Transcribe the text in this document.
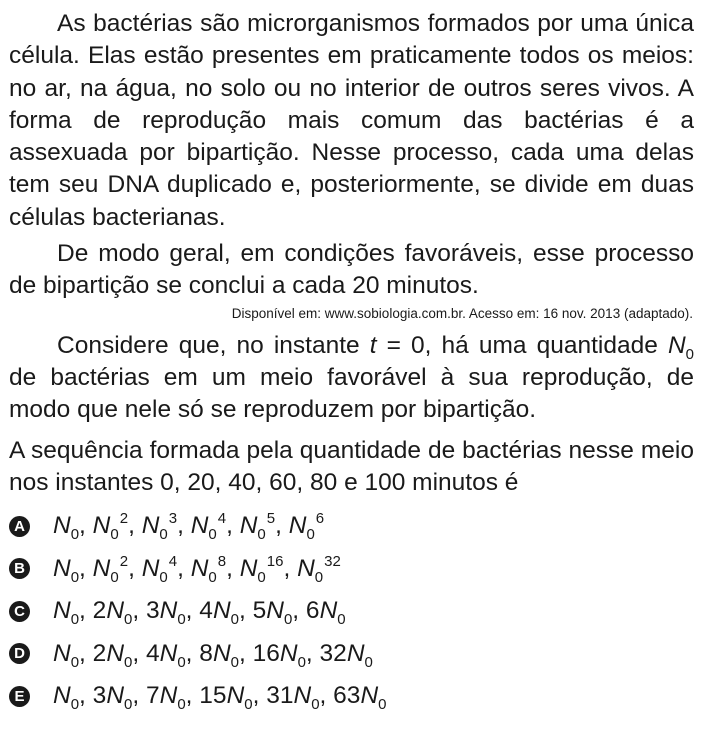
As bactérias são microrganismos formados por uma única célula. Elas estão presentes em praticamente todos os meios: no ar, na água, no solo ou no interior de outros seres vivos. A forma de reprodução mais comum das bactérias é a assexuada por bipartição. Nesse processo, cada uma delas tem seu DNA duplicado e, posteriormente, se divide em duas células bacterianas.

De modo geral, em condições favoráveis, esse processo de bipartição se conclui a cada 20 minutos.

Disponível em: www.sobiologia.com.br. Acesso em: 16 nov. 2013 (adaptado).

Considere que, no instante t = 0, há uma quantidade $N_0$ de bactérias em um meio favorável à sua reprodução, de modo que nele só se reproduzem por bipartição.

A sequência formada pela quantidade de bactérias nesse meio nos instantes 0, 20, 40, 60, 80 e 100 minutos é

A $N_0$, $N_0^2$, $N_0^3$, $N_0^4$, $N_0^5$, $N_0^6$
B $N_0$, $N_0^2$, $N_0^4$, $N_0^8$, $N_0^{16}$, $N_0^{32}$
C $N_0$, $2N_0$, $3N_0$, $4N_0$, $5N_0$, $6N_0$
D $N_0$, $2N_0$, $4N_0$, $8N_0$, $16N_0$, $32N_0$
E $N_0$, $3N_0$, $7N_0$, $15N_0$, $31N_0$, $63N_0$
